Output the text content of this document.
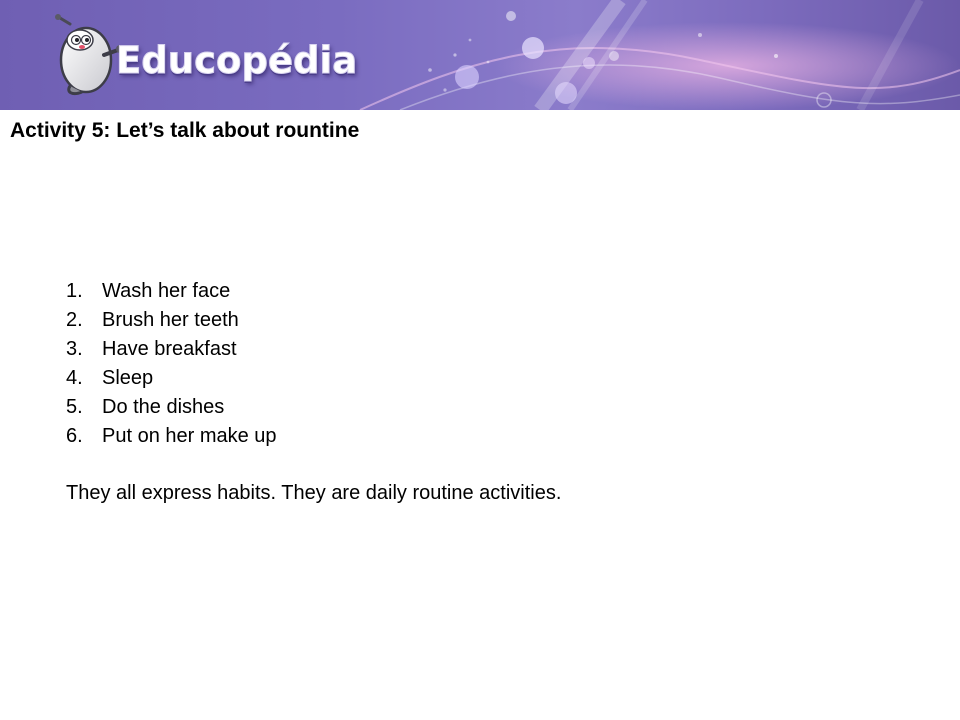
Educopédia
Activity 5: Let’s talk about rountine
1. Wash her face
2. Brush her teeth
3. Have breakfast
4. Sleep
5. Do the dishes
6. Put on her make up

They all express habits. They are daily routine activities.
